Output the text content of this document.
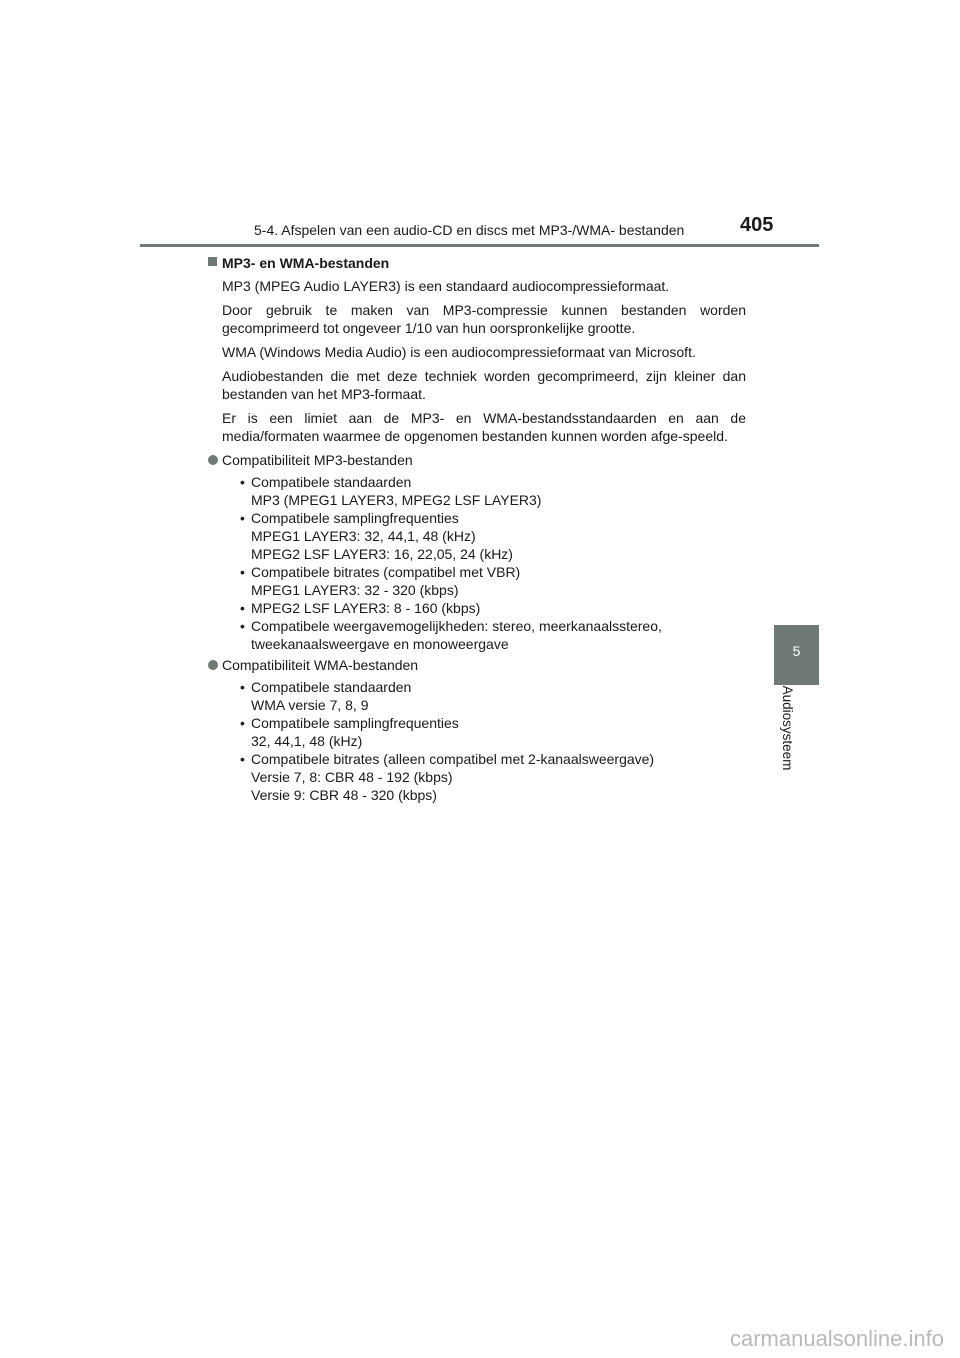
5-4. Afspelen van een audio-CD en discs met MP3-/WMA- bestanden	405
5
Audiosysteem
MP3- en WMA-bestanden
MP3 (MPEG Audio LAYER3) is een standaard audiocompressieformaat.
Door gebruik te maken van MP3-compressie kunnen bestanden worden gecomprimeerd tot ongeveer 1/10 van hun oorspronkelijke grootte.
WMA (Windows Media Audio) is een audiocompressieformaat van Microsoft.
Audiobestanden die met deze techniek worden gecomprimeerd, zijn kleiner dan bestanden van het MP3-formaat.
Er is een limiet aan de MP3- en WMA-bestandsstandaarden en aan de media/formaten waarmee de opgenomen bestanden kunnen worden afge-speeld.
Compatibiliteit MP3-bestanden
• Compatibele standaarden
MP3 (MPEG1 LAYER3, MPEG2 LSF LAYER3)
• Compatibele samplingfrequenties
MPEG1 LAYER3: 32, 44,1, 48 (kHz)
MPEG2 LSF LAYER3: 16, 22,05, 24 (kHz)
• Compatibele bitrates (compatibel met VBR)
MPEG1 LAYER3: 32 - 320 (kbps)
• MPEG2 LSF LAYER3: 8 - 160 (kbps)
• Compatibele weergavemogelijkheden: stereo, meerkanaalsstereo,
tweekanaalsweergave en monoweergave
Compatibiliteit WMA-bestanden
• Compatibele standaarden
WMA versie 7, 8, 9
• Compatibele samplingfrequenties
32, 44,1, 48 (kHz)
• Compatibele bitrates (alleen compatibel met 2-kanaalsweergave)
Versie 7, 8: CBR 48 - 192 (kbps)
Versie 9: CBR 48 - 320 (kbps)
carmanualsonline.info
